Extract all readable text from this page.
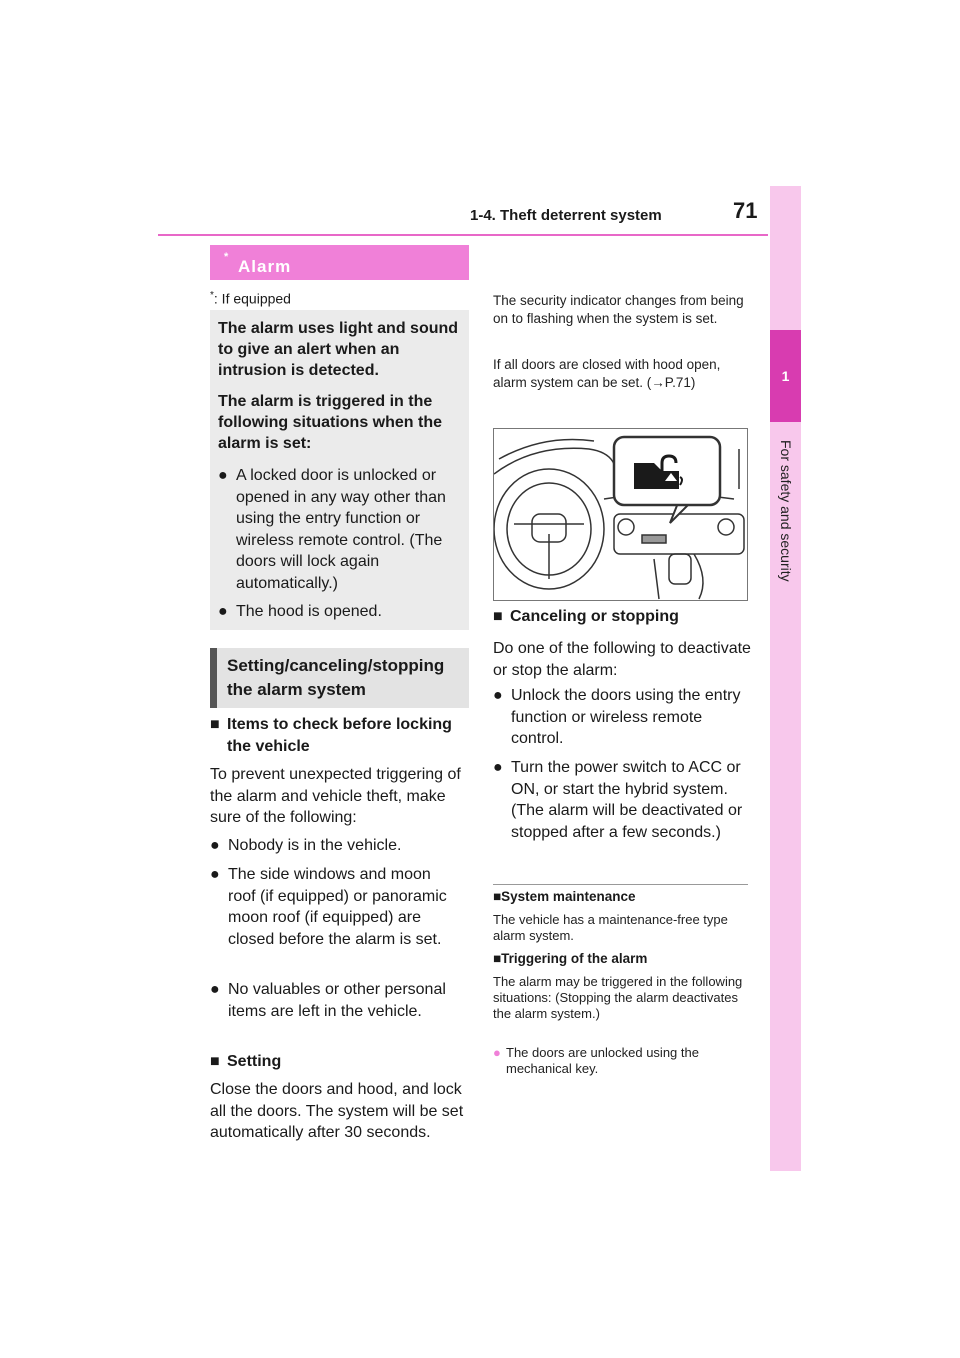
1-4. Theft deterrent system	71
1
For safety and security
Alarm
*
*: If equipped
The alarm uses light and sound to give an alert when an intrusion is detected.
The alarm is triggered in the following situations when the alarm is set:
● A locked door is unlocked or opened in any way other than using the entry function or wireless remote control. (The doors will lock again automatically.)
● The hood is opened.
Setting/canceling/stopping the alarm system
■ Items to check before locking the vehicle
To prevent unexpected triggering of the alarm and vehicle theft, make sure of the following:
● Nobody is in the vehicle.
● The side windows and moon roof (if equipped) or panoramic moon roof (if equipped) are closed before the alarm is set.
● No valuables or other personal items are left in the vehicle.
■ Setting
Close the doors and hood, and lock all the doors. The system will be set automatically after 30 seconds.
The security indicator changes from being on to flashing when the system is set.
If all doors are closed with hood open, alarm system can be set. (→P.71)
■ Canceling or stopping
Do one of the following to deactivate or stop the alarm:
● Unlock the doors using the entry function or wireless remote control.
● Turn the power switch to ACC or ON, or start the hybrid system. (The alarm will be deactivated or stopped after a few seconds.)
■System maintenance
The vehicle has a maintenance-free type alarm system.
■Triggering of the alarm
The alarm may be triggered in the following situations: (Stopping the alarm deactivates the alarm system.)
● The doors are unlocked using the mechanical key.
